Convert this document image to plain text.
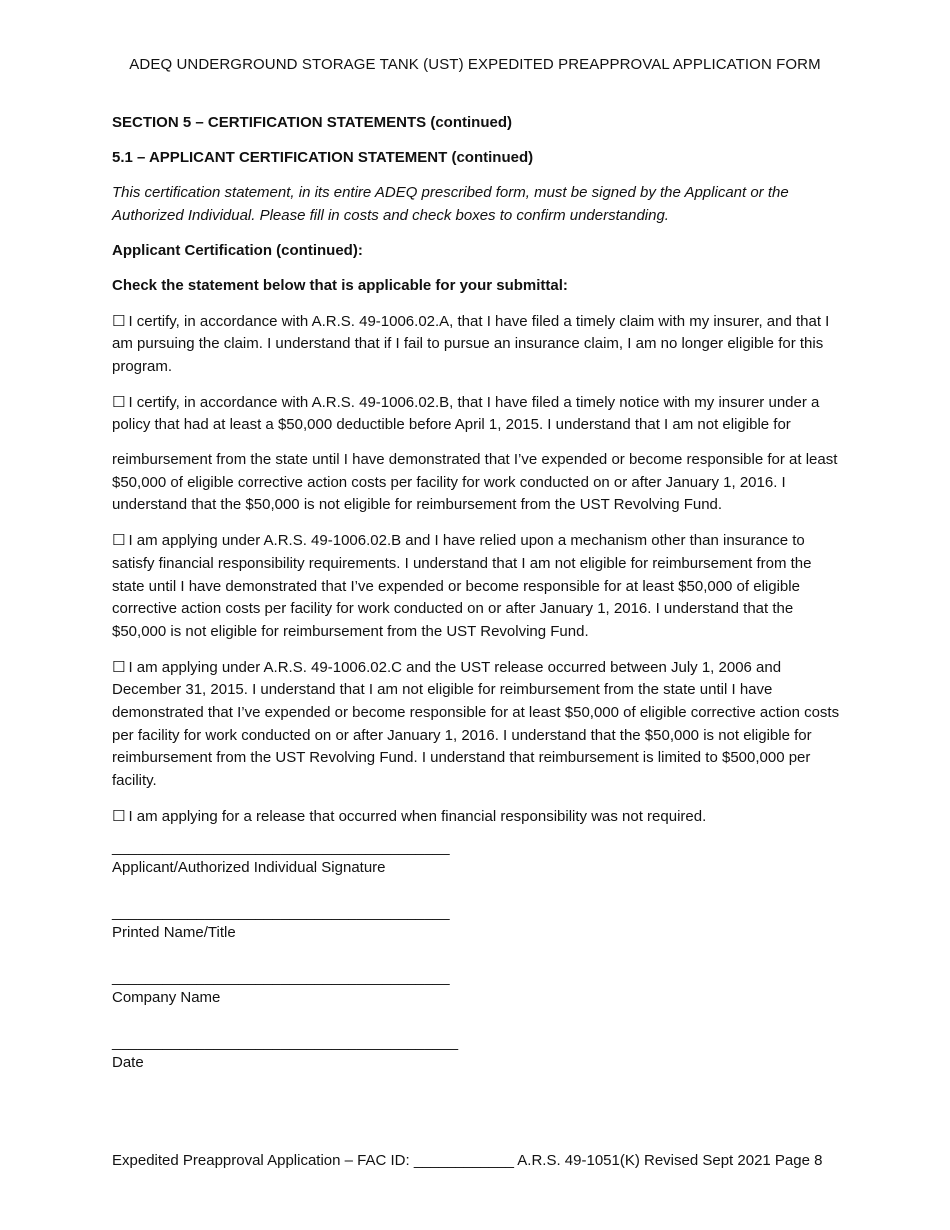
ADEQ UNDERGROUND STORAGE TANK (UST) EXPEDITED PREAPPROVAL APPLICATION FORM

SECTION 5 – CERTIFICATION STATEMENTS (continued)

5.1 – APPLICANT CERTIFICATION STATEMENT (continued)

This certification statement, in its entire ADEQ prescribed form, must be signed by the Applicant or the Authorized Individual. Please fill in costs and check boxes to confirm understanding.

Applicant Certification (continued):

Check the statement below that is applicable for your submittal:

☐ I certify, in accordance with A.R.S. 49-1006.02.A, that I have filed a timely claim with my insurer, and that I am pursuing the claim. I understand that if I fail to pursue an insurance claim, I am no longer eligible for this program.

☐ I certify, in accordance with A.R.S. 49-1006.02.B, that I have filed a timely notice with my insurer under a policy that had at least a $50,000 deductible before April 1, 2015. I understand that I am not eligible for

reimbursement from the state until I have demonstrated that I’ve expended or become responsible for at least $50,000 of eligible corrective action costs per facility for work conducted on or after January 1, 2016. I understand that the $50,000 is not eligible for reimbursement from the UST Revolving Fund.

☐ I am applying under A.R.S. 49-1006.02.B and I have relied upon a mechanism other than insurance to satisfy financial responsibility requirements. I understand that I am not eligible for reimbursement from the state until I have demonstrated that I’ve expended or become responsible for at least $50,000 of eligible corrective action costs per facility for work conducted on or after January 1, 2016. I understand that the $50,000 is not eligible for reimbursement from the UST Revolving Fund.

☐ I am applying under A.R.S. 49-1006.02.C and the UST release occurred between July 1, 2006 and December 31, 2015. I understand that I am not eligible for reimbursement from the state until I have demonstrated that I’ve expended or become responsible for at least $50,000 of eligible corrective action costs per facility for work conducted on or after January 1, 2016. I understand that the $50,000 is not eligible for reimbursement from the UST Revolving Fund. I understand that reimbursement is limited to $500,000 per facility.

☐ I am applying for a release that occurred when financial responsibility was not required.

________________________________________
Applicant/Authorized Individual Signature
________________________________________
Printed Name/Title
________________________________________
Company Name
_________________________________________
Date
Expedited Preapproval Application – FAC ID: ____________ A.R.S. 49-1051(K) Revised Sept 2021 Page 8
